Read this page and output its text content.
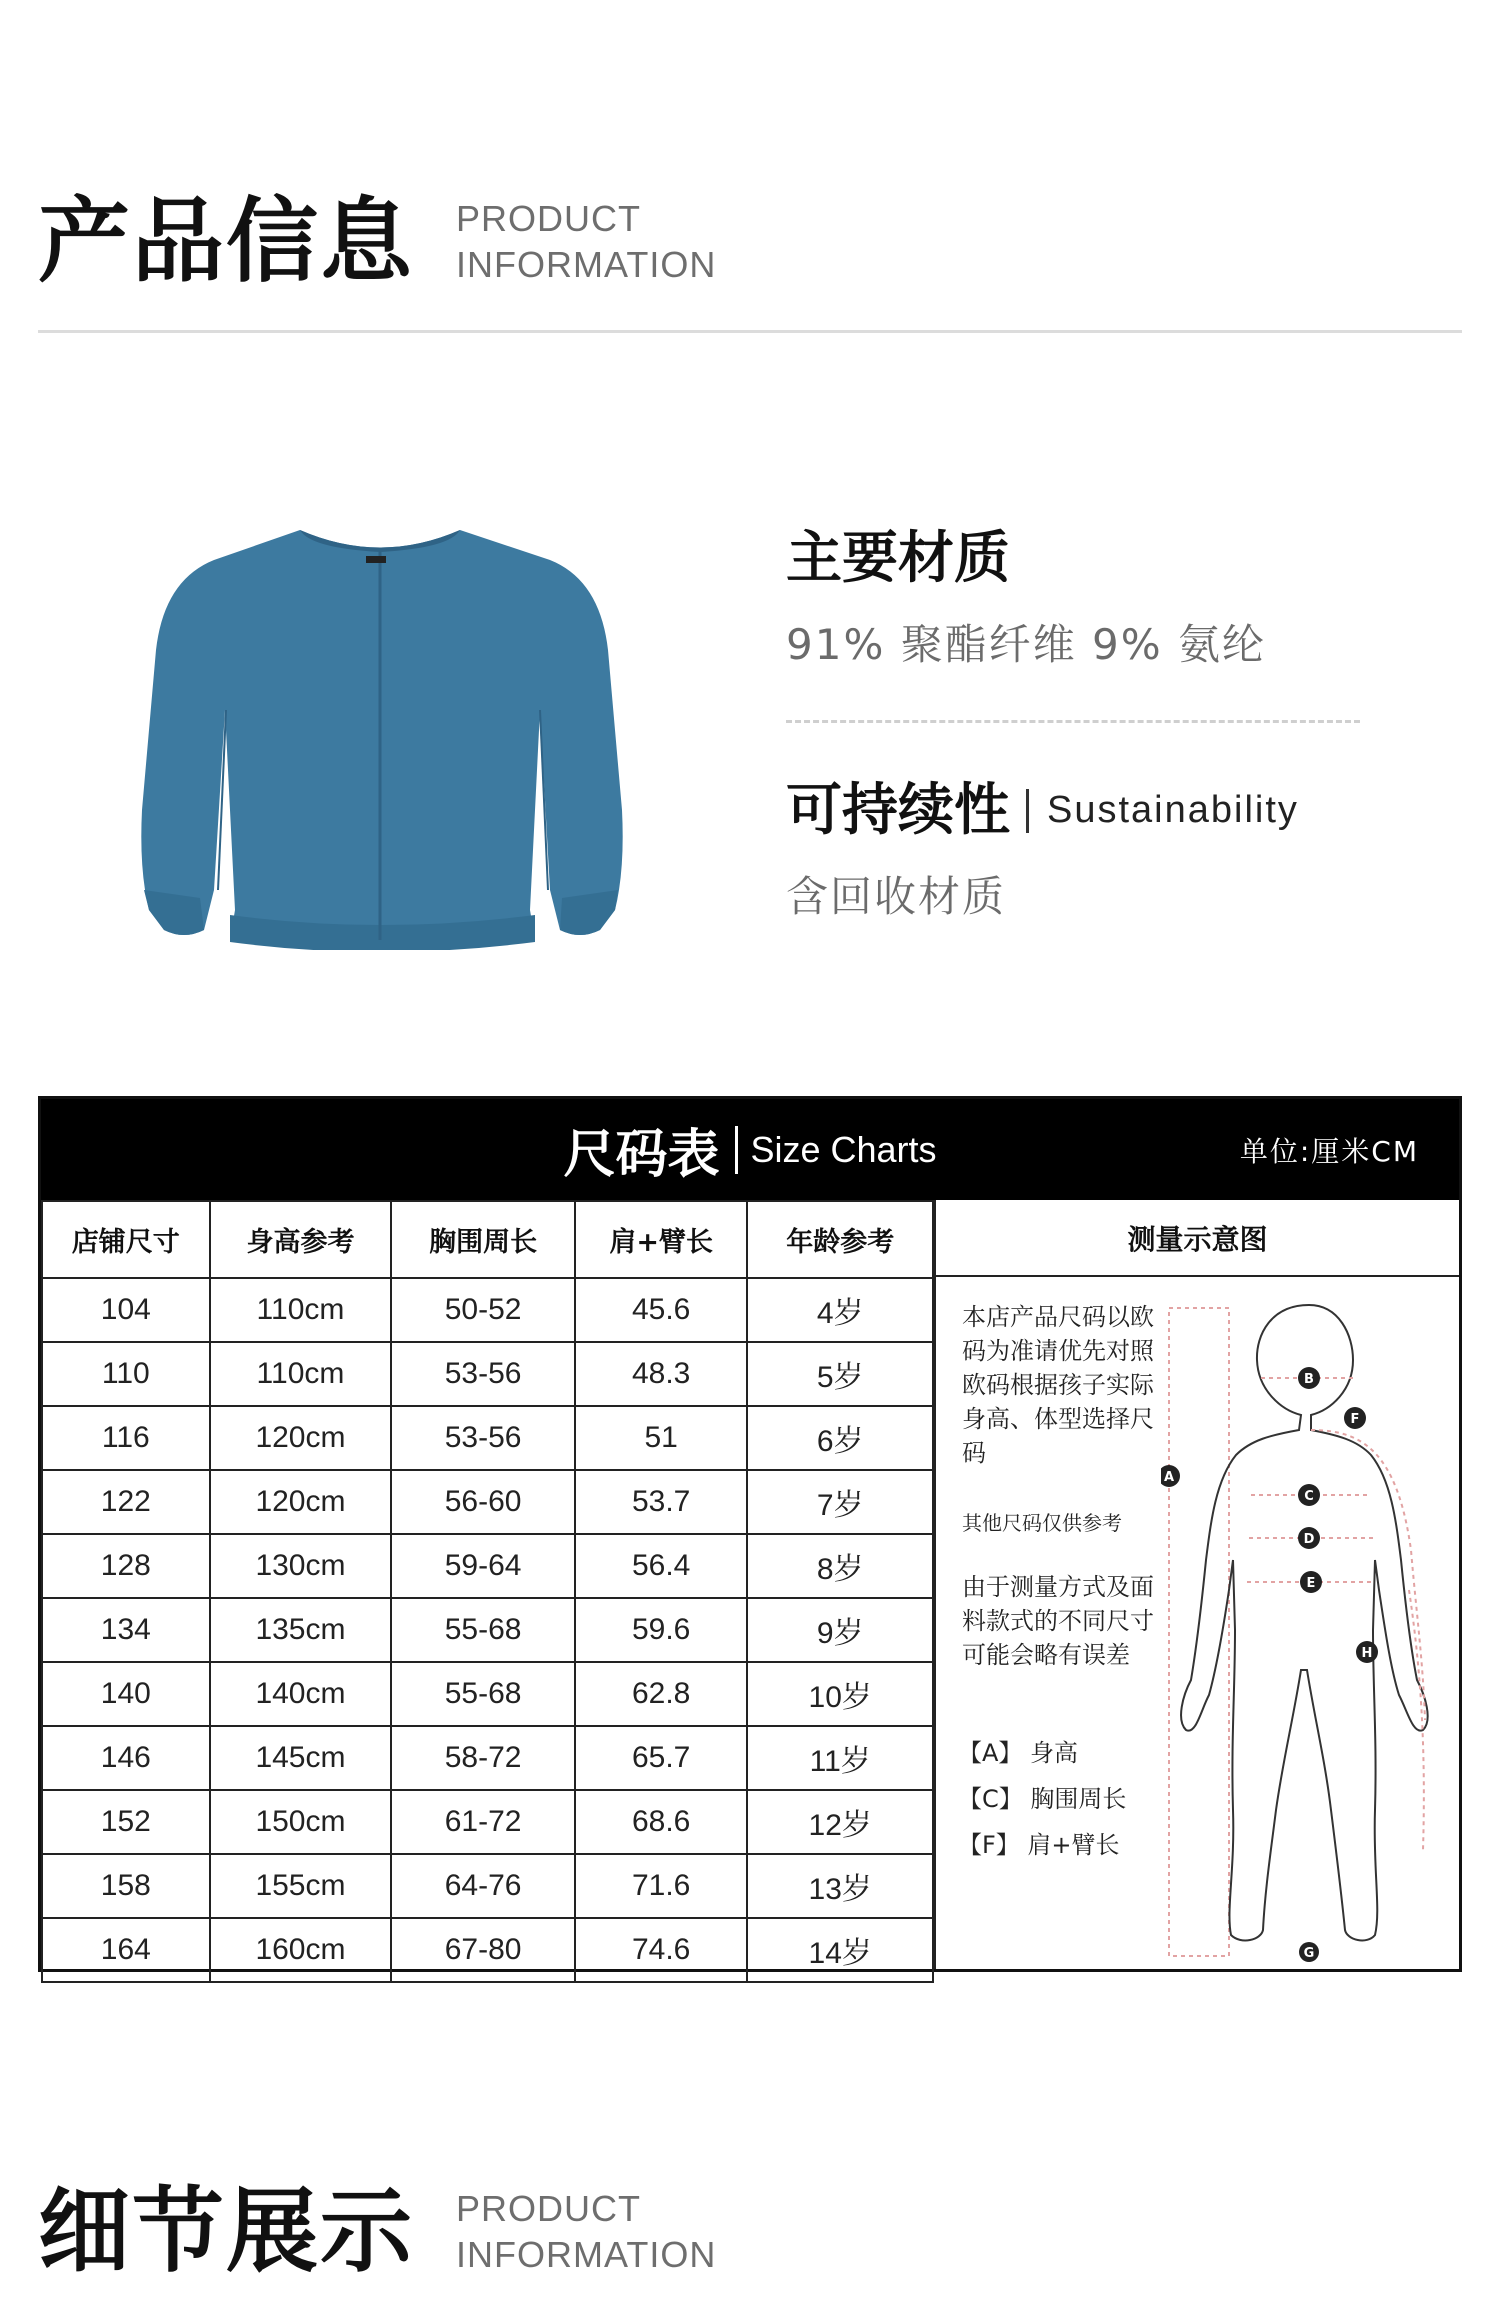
产品信息 PRODUCT
INFORMATION
主要材质
91% 聚酯纤维 9% 氨纶
可持续性 Sustainability
含回收材质
尺码表 Size Charts	单位:厘米CM
店铺尺寸	身高参考	胸围周长	肩+臂长	年龄参考
104	110cm	50-52	45.6	4岁
110	110cm	53-56	48.3	5岁
116	120cm	53-56	51	6岁
122	120cm	56-60	53.7	7岁
128	130cm	59-64	56.4	8岁
134	135cm	55-68	59.6	9岁
140	140cm	55-68	62.8	10岁
146	145cm	58-72	65.7	11岁
152	150cm	61-72	68.6	12岁
158	155cm	64-76	71.6	13岁
164	160cm	67-80	74.6	14岁
测量示意图
本店产品尺码以欧码为准请优先对照欧码根据孩子实际身高、体型选择尺码
其他尺码仅供参考
由于测量方式及面料款式的不同尺寸可能会略有误差
【A】 身高
【C】 胸围周长
【F】 肩+臂长
A
B
C
D
E
F
G
H
细节展示 PRODUCT
INFORMATION
